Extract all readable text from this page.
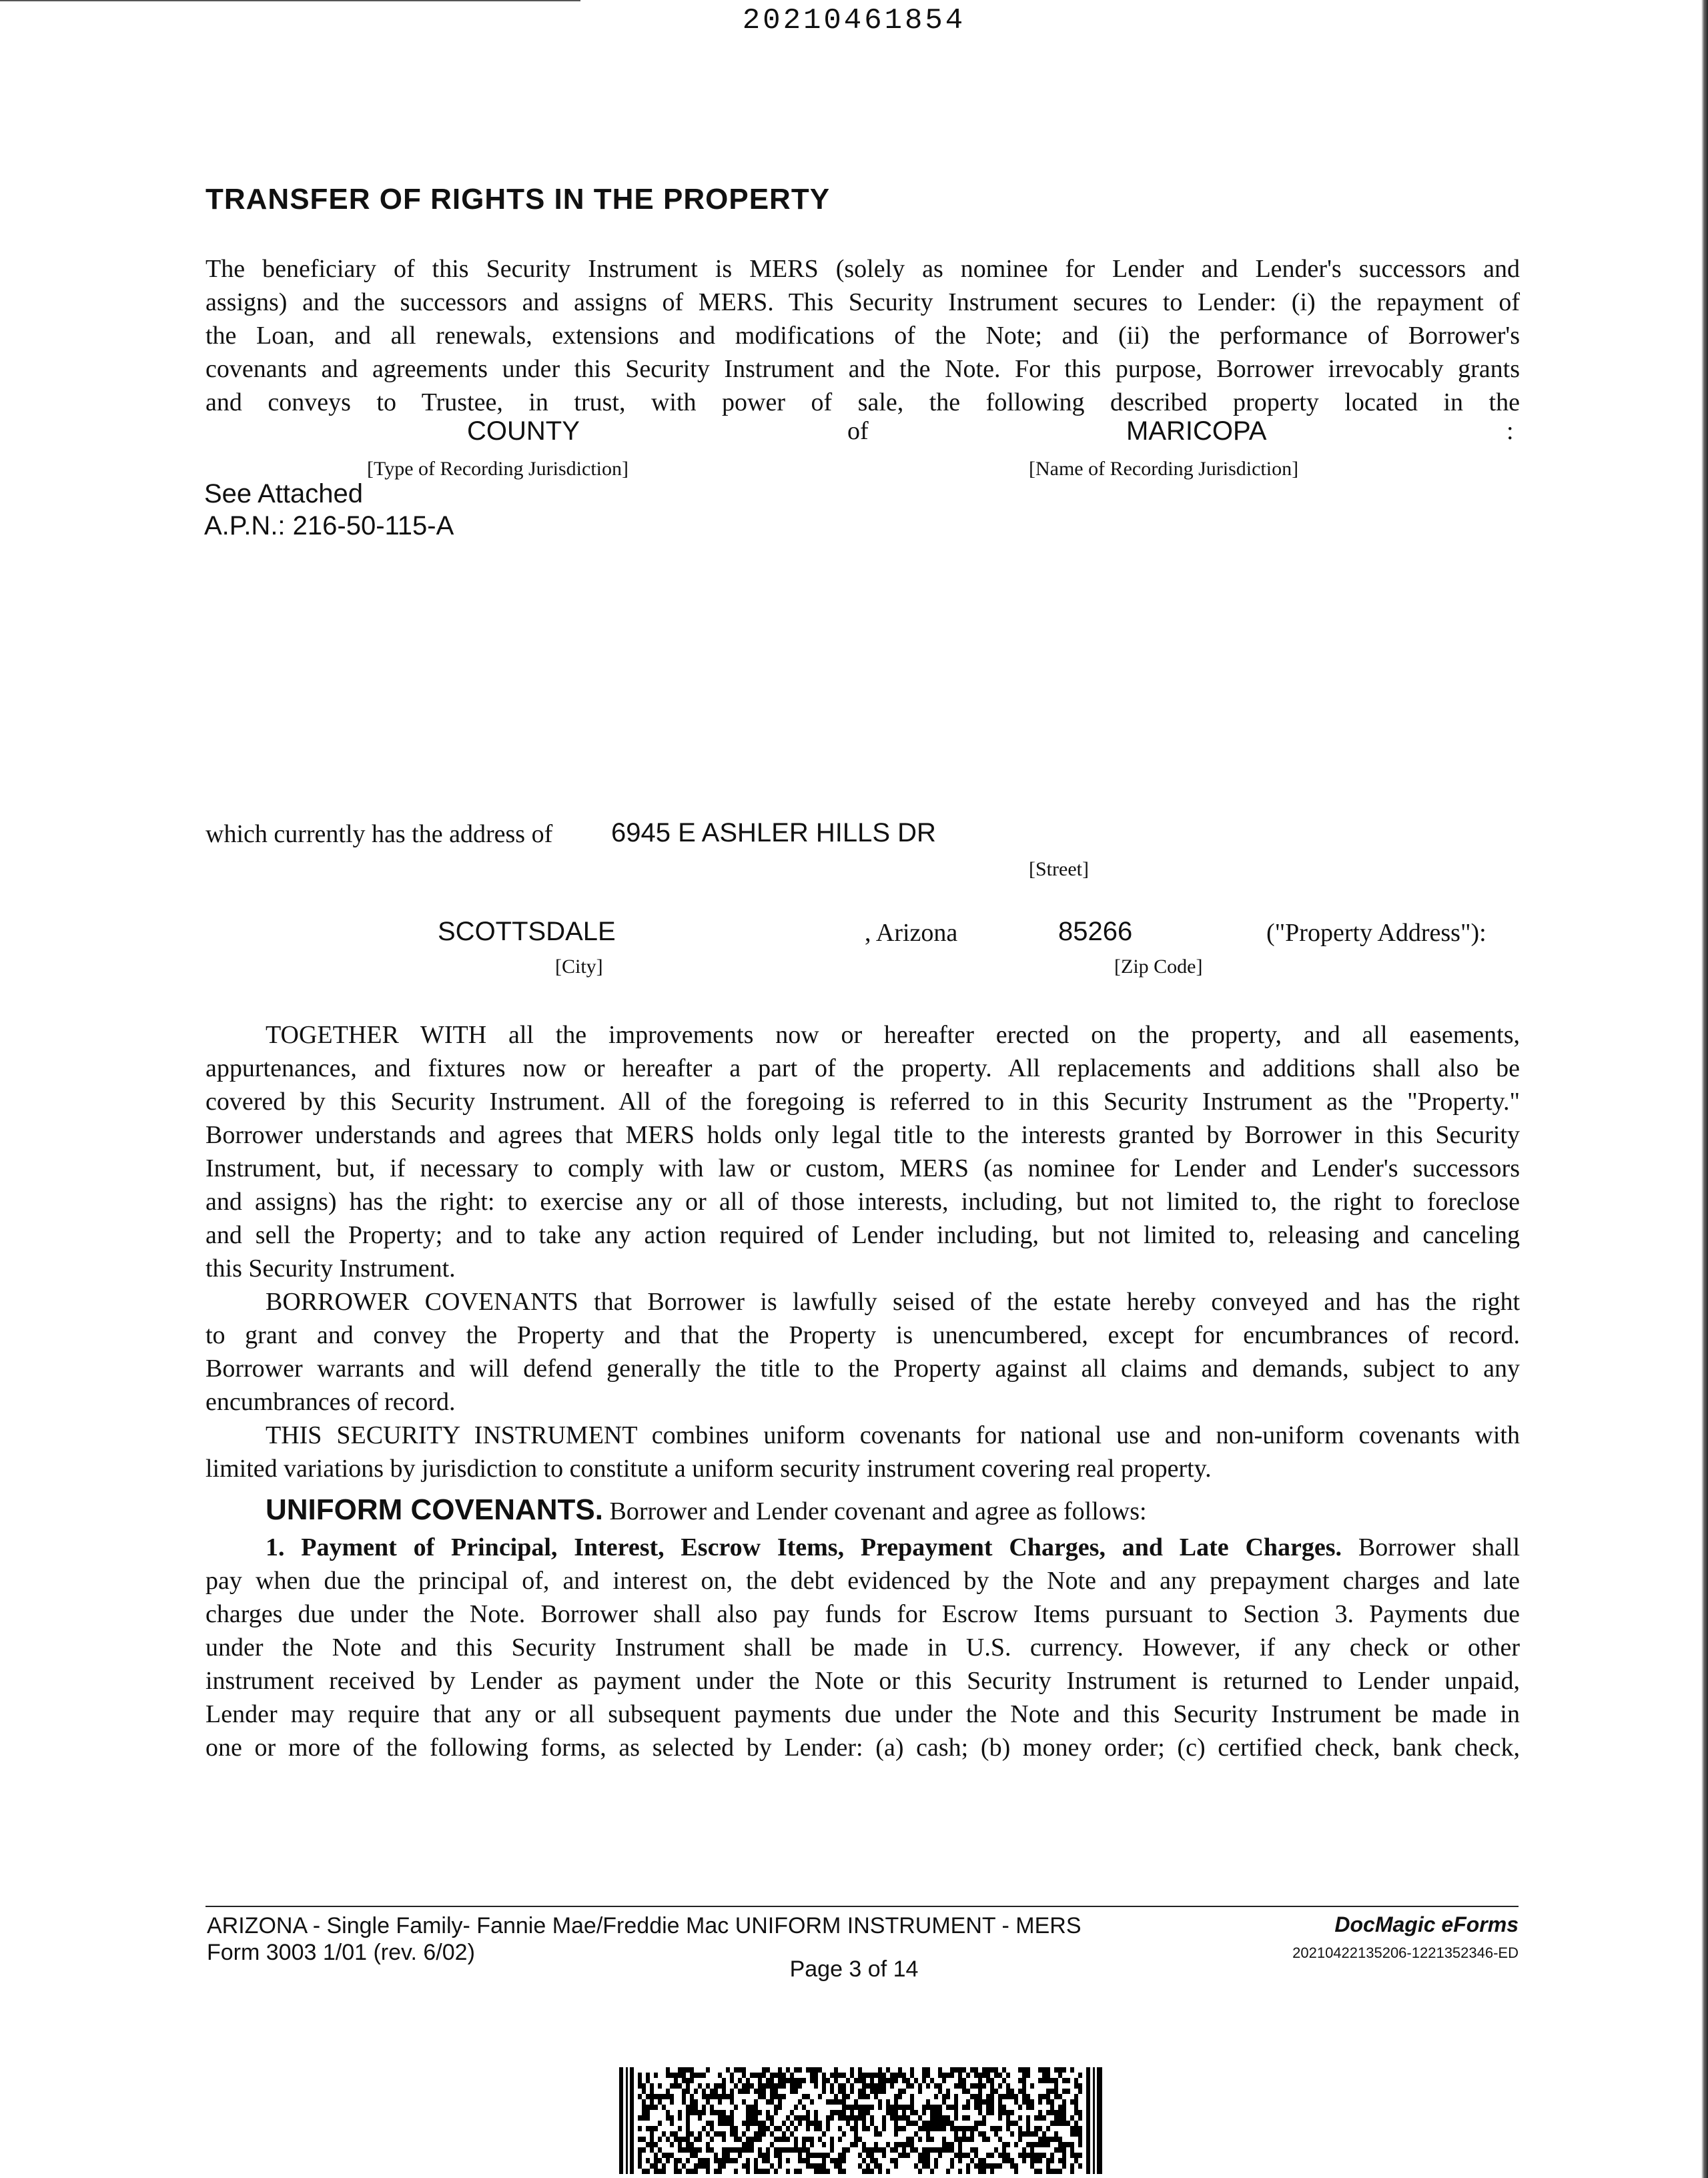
20210461854
TRANSFER OF RIGHTS IN THE PROPERTY
The beneficiary of this Security Instrument is MERS (solely as nominee for Lender and Lender's successors and
assigns) and the successors and assigns of MERS. This Security Instrument secures to Lender: (i) the repayment of
the Loan, and all renewals, extensions and modifications of the Note; and (ii) the performance of Borrower's
covenants and agreements under this Security Instrument and the Note. For this purpose, Borrower irrevocably grants
and conveys to Trustee, in trust, with power of sale, the following described property located in the
COUNTY	of	MARICOPA	:
[Type of Recording Jurisdiction]	[Name of Recording Jurisdiction]
See Attached
A.P.N.: 216-50-115-A
which currently has the address of 6945 E ASHLER HILLS DR
[Street]
SCOTTSDALE	, Arizona	85266	("Property Address"):
[City]	[Zip Code]
TOGETHER WITH all the improvements now or hereafter erected on the property, and all easements,
appurtenances, and fixtures now or hereafter a part of the property. All replacements and additions shall also be
covered by this Security Instrument. All of the foregoing is referred to in this Security Instrument as the "Property."
Borrower understands and agrees that MERS holds only legal title to the interests granted by Borrower in this Security
Instrument, but, if necessary to comply with law or custom, MERS (as nominee for Lender and Lender's successors
and assigns) has the right: to exercise any or all of those interests, including, but not limited to, the right to foreclose
and sell the Property; and to take any action required of Lender including, but not limited to, releasing and canceling
this Security Instrument.
BORROWER COVENANTS that Borrower is lawfully seised of the estate hereby conveyed and has the right
to grant and convey the Property and that the Property is unencumbered, except for encumbrances of record.
Borrower warrants and will defend generally the title to the Property against all claims and demands, subject to any
encumbrances of record.
THIS SECURITY INSTRUMENT combines uniform covenants for national use and non-uniform covenants with
limited variations by jurisdiction to constitute a uniform security instrument covering real property.
UNIFORM COVENANTS. Borrower and Lender covenant and agree as follows:
1. Payment of Principal, Interest, Escrow Items, Prepayment Charges, and Late Charges. Borrower shall
pay when due the principal of, and interest on, the debt evidenced by the Note and any prepayment charges and late
charges due under the Note. Borrower shall also pay funds for Escrow Items pursuant to Section 3. Payments due
under the Note and this Security Instrument shall be made in U.S. currency. However, if any check or other
instrument received by Lender as payment under the Note or this Security Instrument is returned to Lender unpaid,
Lender may require that any or all subsequent payments due under the Note and this Security Instrument be made in
one or more of the following forms, as selected by Lender: (a) cash; (b) money order; (c) certified check, bank check,
ARIZONA - Single Family- Fannie Mae/Freddie Mac UNIFORM INSTRUMENT - MERS
Form 3003 1/01 (rev. 6/02)
DocMagic eForms
20210422135206-1221352346-ED
Page 3 of 14
